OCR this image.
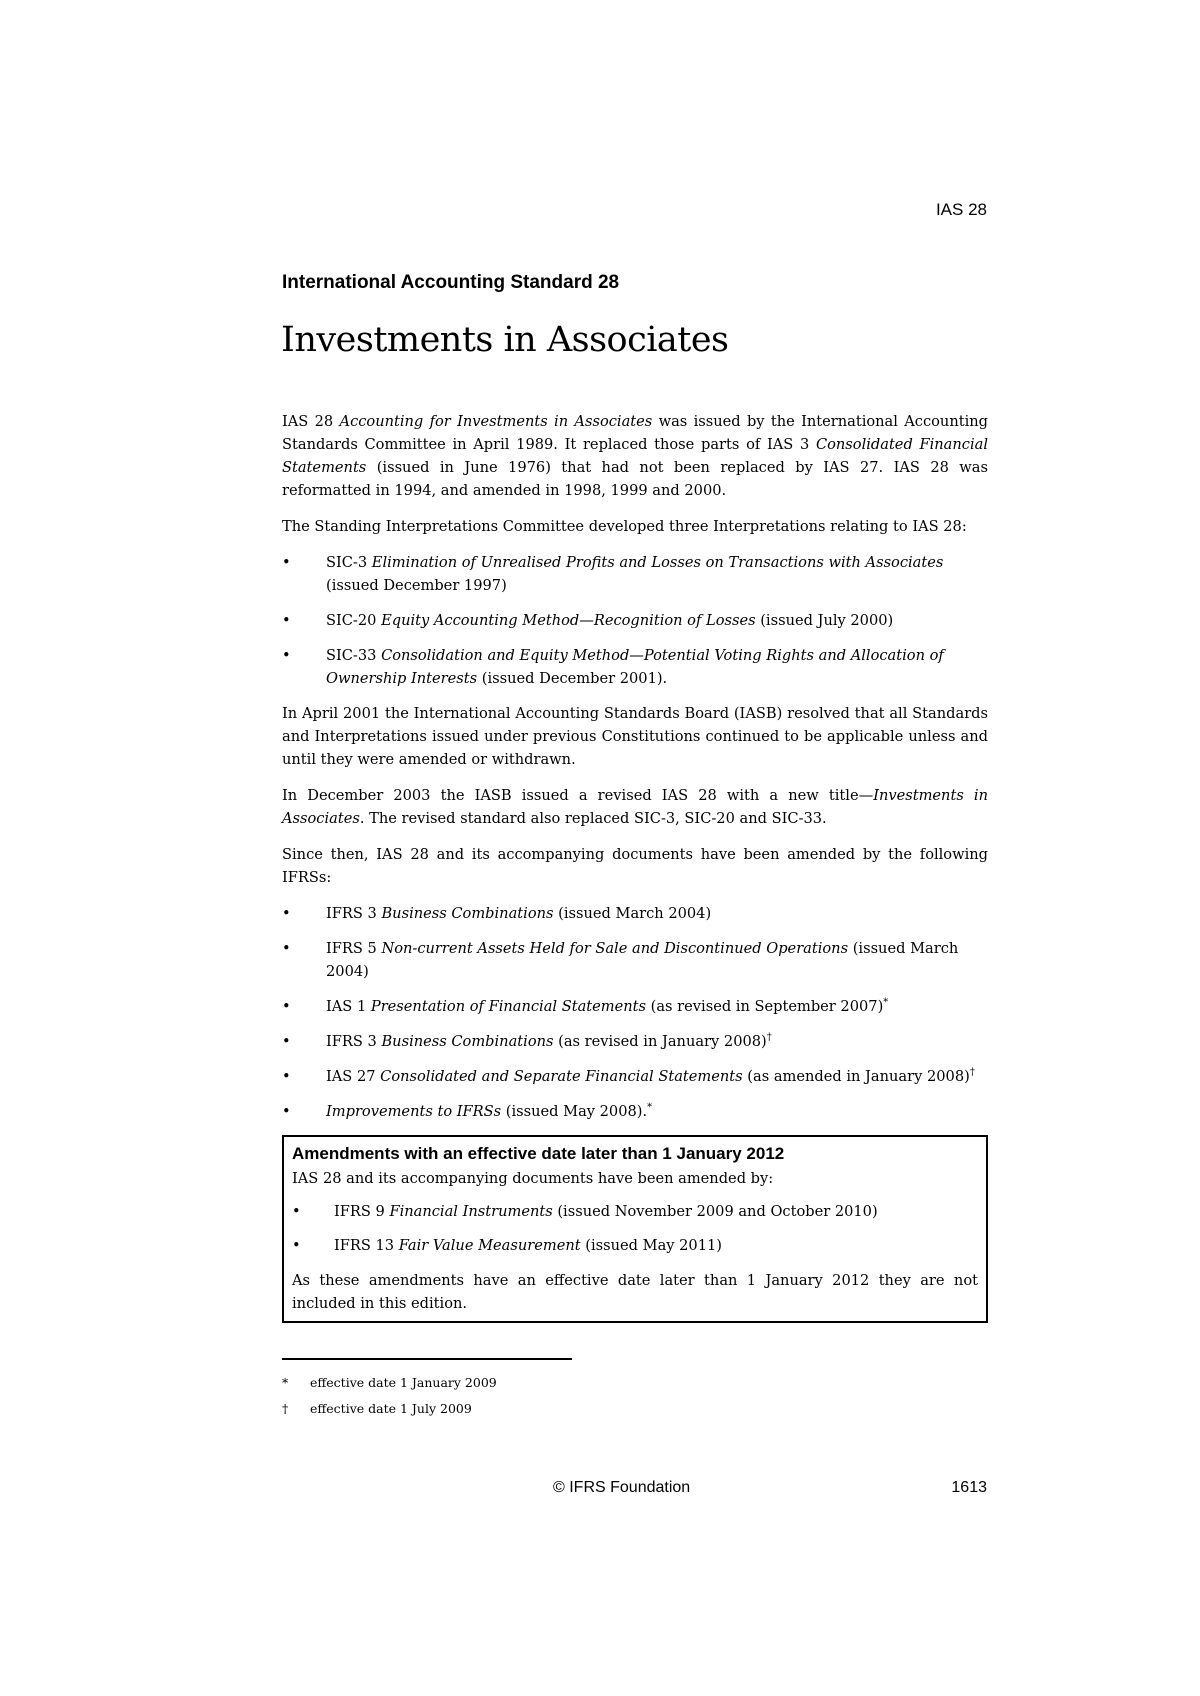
IAS 28
International Accounting Standard 28
Investments in Associates

IAS 28 Accounting for Investments in Associates was issued by the International Accounting Standards Committee in April 1989. It replaced those parts of IAS 3 Consolidated Financial Statements (issued in June 1976) that had not been replaced by IAS 27. IAS 28 was reformatted in 1994, and amended in 1998, 1999 and 2000.

The Standing Interpretations Committee developed three Interpretations relating to IAS 28:

• SIC-3 Elimination of Unrealised Profits and Losses on Transactions with Associates
(issued December 1997)
• SIC-20 Equity Accounting Method—Recognition of Losses (issued July 2000)
• SIC-33 Consolidation and Equity Method—Potential Voting Rights and Allocation of Ownership Interests (issued December 2001).

In April 2001 the International Accounting Standards Board (IASB) resolved that all Standards and Interpretations issued under previous Constitutions continued to be applicable unless and until they were amended or withdrawn.

In December 2003 the IASB issued a revised IAS 28 with a new title—Investments in Associates. The revised standard also replaced SIC-3, SIC-20 and SIC-33.

Since then, IAS 28 and its accompanying documents have been amended by the following IFRSs:

• IFRS 3 Business Combinations (issued March 2004)
• IFRS 5 Non-current Assets Held for Sale and Discontinued Operations (issued March 2004)
• IAS 1 Presentation of Financial Statements (as revised in September 2007)*
• IFRS 3 Business Combinations (as revised in January 2008)†
• IAS 27 Consolidated and Separate Financial Statements (as amended in January 2008)†
• Improvements to IFRSs (issued May 2008).*
Amendments with an effective date later than 1 January 2012

IAS 28 and its accompanying documents have been amended by:

• IFRS 9 Financial Instruments (issued November 2009 and October 2010)
• IFRS 13 Fair Value Measurement (issued May 2011)

As these amendments have an effective date later than 1 January 2012 they are not included in this edition.

*	effective date 1 January 2009
†	effective date 1 July 2009
© IFRS Foundation	1613
